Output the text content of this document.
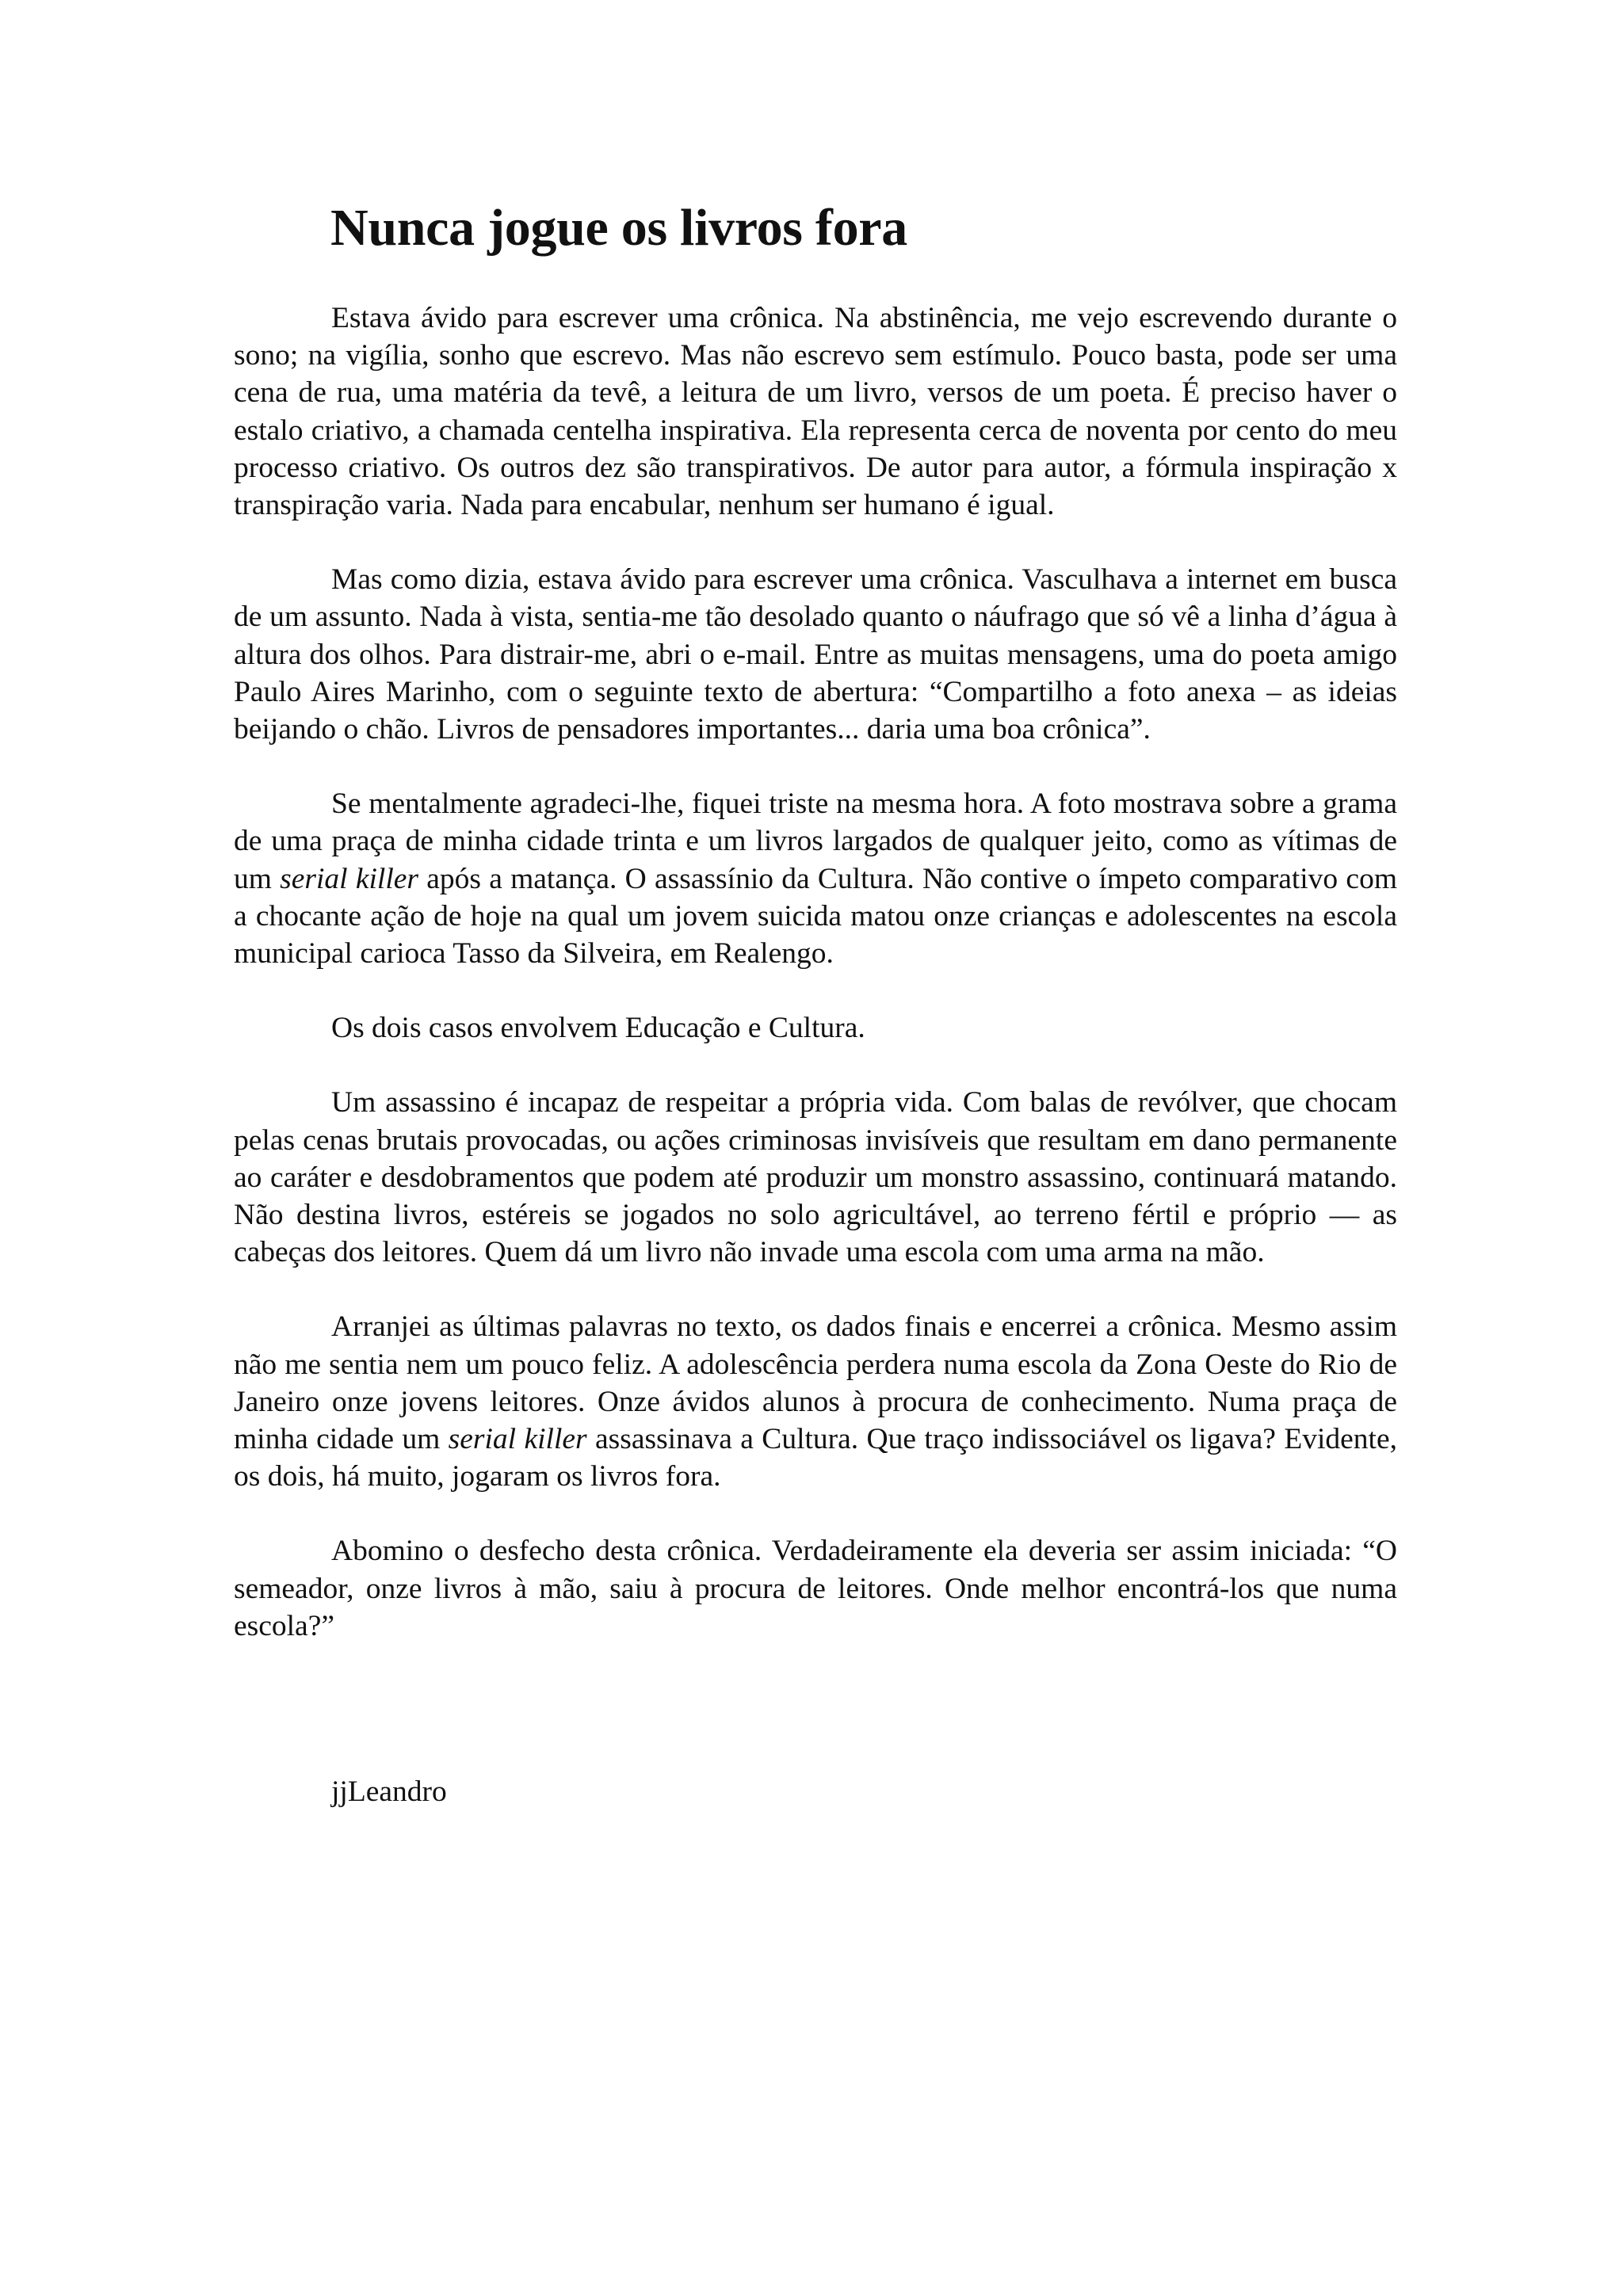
Nunca jogue os livros fora

Estava ávido para escrever uma crônica. Na abstinência, me vejo escrevendo durante o sono; na vigília, sonho que escrevo. Mas não escrevo sem estímulo. Pouco basta, pode ser uma cena de rua, uma matéria da tevê, a leitura de um livro, versos de um poeta. É preciso haver o estalo criativo, a chamada centelha inspirativa. Ela representa cerca de noventa por cento do meu processo criativo. Os outros dez são transpirativos. De autor para autor, a fórmula inspiração x transpiração varia. Nada para encabular, nenhum ser humano é igual.

Mas como dizia, estava ávido para escrever uma crônica. Vasculhava a internet em busca de um assunto. Nada à vista, sentia-me tão desolado quanto o náufrago que só vê a linha d’água à altura dos olhos. Para distrair-me, abri o e-mail. Entre as muitas mensagens, uma do poeta amigo Paulo Aires Marinho, com o seguinte texto de abertura: “Compartilho a foto anexa – as ideias beijando o chão. Livros de pensadores importantes... daria uma boa crônica”.

Se mentalmente agradeci-lhe, fiquei triste na mesma hora. A foto mostrava sobre a grama de uma praça de minha cidade trinta e um livros largados de qualquer jeito, como as vítimas de um serial killer após a matança. O assassínio da Cultura. Não contive o ímpeto comparativo com a chocante ação de hoje na qual um jovem suicida matou onze crianças e adolescentes na escola municipal carioca Tasso da Silveira, em Realengo.

Os dois casos envolvem Educação e Cultura.

Um assassino é incapaz de respeitar a própria vida. Com balas de revólver, que chocam pelas cenas brutais provocadas, ou ações criminosas invisíveis que resultam em dano permanente ao caráter e desdobramentos que podem até produzir um monstro assassino, continuará matando. Não destina livros, estéreis se jogados no solo agricultável, ao terreno fértil e próprio — as cabeças dos leitores. Quem dá um livro não invade uma escola com uma arma na mão.

Arranjei as últimas palavras no texto, os dados finais e encerrei a crônica. Mesmo assim não me sentia nem um pouco feliz. A adolescência perdera numa escola da Zona Oeste do Rio de Janeiro onze jovens leitores. Onze ávidos alunos à procura de conhecimento. Numa praça de minha cidade um serial killer assassinava a Cultura. Que traço indissociável os ligava? Evidente, os dois, há muito, jogaram os livros fora.

Abomino o desfecho desta crônica. Verdadeiramente ela deveria ser assim iniciada: “O semeador, onze livros à mão, saiu à procura de leitores. Onde melhor encontrá-los que numa escola?”

jjLeandro
